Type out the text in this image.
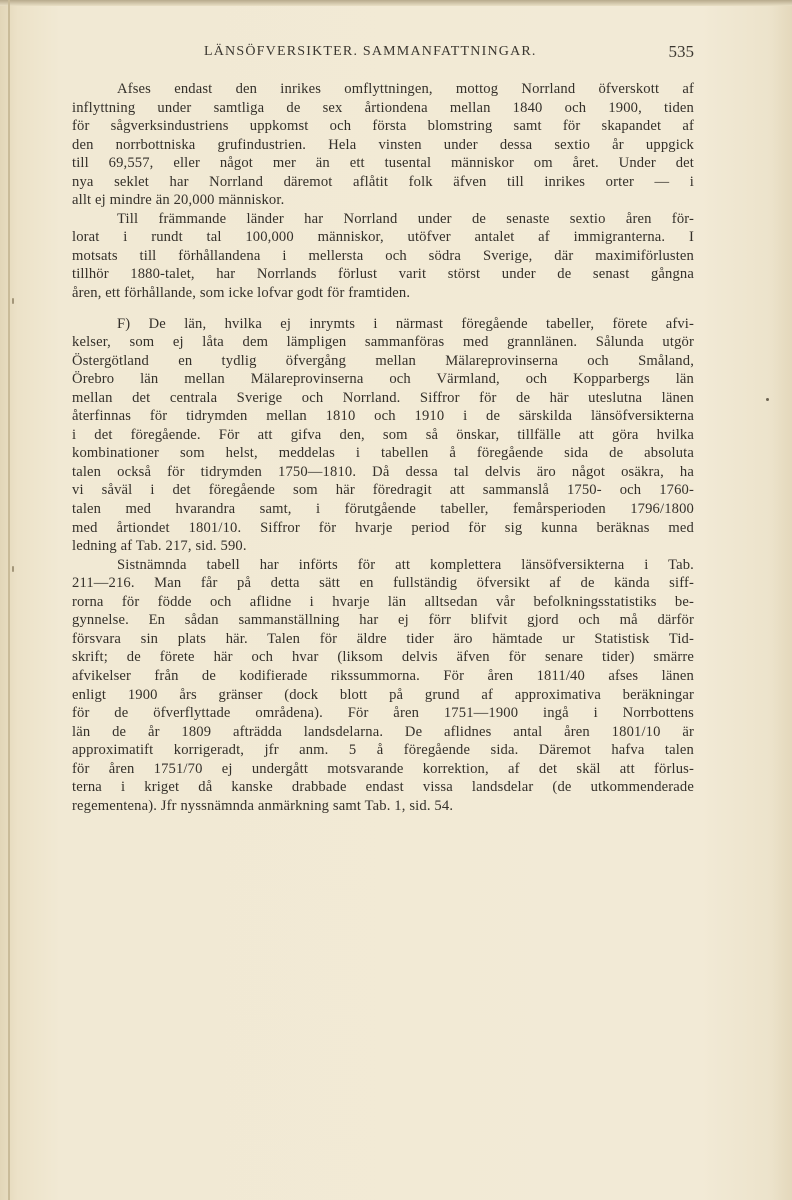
LÄNSÖFVERSIKTER. SAMMANFATTNINGAR.	535
Afses endast den inrikes omflyttningen, mottog Norrland öfverskott af
inflyttning under samtliga de sex årtiondena mellan 1840 och 1900, tiden
för sågverksindustriens uppkomst och första blomstring samt för skapandet af
den norrbottniska grufindustrien. Hela vinsten under dessa sextio år uppgick
till 69,557, eller något mer än ett tusental människor om året. Under det
nya seklet har Norrland däremot aflåtit folk äfven till inrikes orter — i
allt ej mindre än 20,000 människor.
Till främmande länder har Norrland under de senaste sextio åren för-
lorat i rundt tal 100,000 människor, utöfver antalet af immigranterna. I
motsats till förhållandena i mellersta och södra Sverige, där maximiförlusten
tillhör 1880-talet, har Norrlands förlust varit störst under de senast gångna
åren, ett förhållande, som icke lofvar godt för framtiden.
F) De län, hvilka ej inrymts i närmast föregående tabeller, förete afvi-
kelser, som ej låta dem lämpligen sammanföras med grannlänen. Sålunda utgör
Östergötland en tydlig öfvergång mellan Mälareprovinserna och Småland,
Örebro län mellan Mälareprovinserna och Värmland, och Kopparbergs län
mellan det centrala Sverige och Norrland. Siffror för de här uteslutna länen
återfinnas för tidrymden mellan 1810 och 1910 i de särskilda länsöfversikterna
i det föregående. För att gifva den, som så önskar, tillfälle att göra hvilka
kombinationer som helst, meddelas i tabellen å föregående sida de absoluta
talen också för tidrymden 1750—1810. Då dessa tal delvis äro något osäkra, ha
vi såväl i det föregående som här föredragit att sammanslå 1750- och 1760-
talen med hvarandra samt, i förutgående tabeller, femårsperioden 1796/1800
med årtiondet 1801/10. Siffror för hvarje period för sig kunna beräknas med
ledning af Tab. 217, sid. 590.
Sistnämnda tabell har införts för att komplettera länsöfversikterna i Tab.
211—216. Man får på detta sätt en fullständig öfversikt af de kända siff-
rorna för födde och aflidne i hvarje län alltsedan vår befolkningsstatistiks be-
gynnelse. En sådan sammanställning har ej förr blifvit gjord och må därför
försvara sin plats här. Talen för äldre tider äro hämtade ur Statistisk Tid-
skrift; de förete här och hvar (liksom delvis äfven för senare tider) smärre
afvikelser från de kodifierade rikssummorna. För åren 1811/40 afses länen
enligt 1900 års gränser (dock blott på grund af approximativa beräkningar
för de öfverflyttade områdena). För åren 1751—1900 ingå i Norrbottens
län de år 1809 afträdda landsdelarna. De aflidnes antal åren 1801/10 är
approximatift korrigeradt, jfr anm. 5 å föregående sida. Däremot hafva talen
för åren 1751/70 ej undergått motsvarande korrektion, af det skäl att förlus-
terna i kriget då kanske drabbade endast vissa landsdelar (de utkommenderade
regementena). Jfr nyssnämnda anmärkning samt Tab. 1, sid. 54.
